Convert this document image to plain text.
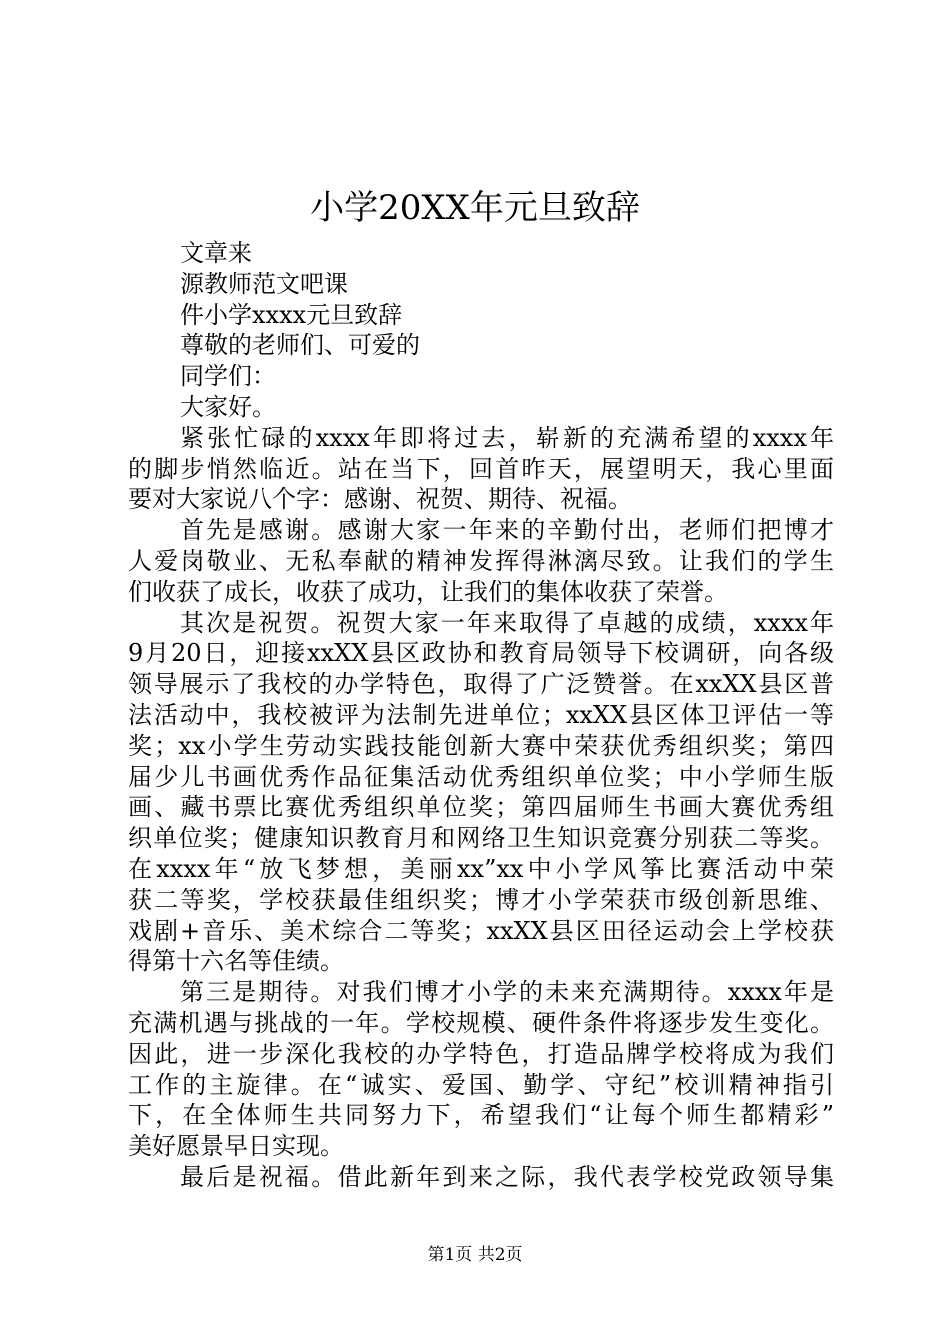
小学20XX年元旦致辞
文章来
源教师范文吧课
件小学xxxx元旦致辞
尊敬的老师们、可爱的
同学们：
大家好。
紧张忙碌的xxxx年即将过去，崭新的充满希望的xxxx年
的脚步悄然临近。站在当下，回首昨天，展望明天，我心里面
要对大家说八个字：感谢、祝贺、期待、祝福。
首先是感谢。感谢大家一年来的辛勤付出，老师们把博才
人爱岗敬业、无私奉献的精神发挥得淋漓尽致。让我们的学生
们收获了成长，收获了成功，让我们的集体收获了荣誉。
其次是祝贺。祝贺大家一年来取得了卓越的成绩，xxxx年
9月20日，迎接xxXX县区政协和教育局领导下校调研，向各级
领导展示了我校的办学特色，取得了广泛赞誉。在xxXX县区普
法活动中，我校被评为法制先进单位；xxXX县区体卫评估一等
奖；xx小学生劳动实践技能创新大赛中荣获优秀组织奖；第四
届少儿书画优秀作品征集活动优秀组织单位奖；中小学师生版
画、藏书票比赛优秀组织单位奖；第四届师生书画大赛优秀组
织单位奖；健康知识教育月和网络卫生知识竞赛分别获二等奖。
在xxxx年“放飞梦想，美丽xx”xx中小学风筝比赛活动中荣
获二等奖，学校获最佳组织奖；博才小学荣获市级创新思维、
戏剧+音乐、美术综合二等奖；xxXX县区田径运动会上学校获
得第十六名等佳绩。
第三是期待。对我们博才小学的未来充满期待。xxxx年是
充满机遇与挑战的一年。学校规模、硬件条件将逐步发生变化。
因此，进一步深化我校的办学特色，打造品牌学校将成为我们
工作的主旋律。在“诚实、爱国、勤学、守纪”校训精神指引
下，在全体师生共同努力下，希望我们“让每个师生都精彩”
美好愿景早日实现。
最后是祝福。借此新年到来之际，我代表学校党政领导集
第1页 共2页
